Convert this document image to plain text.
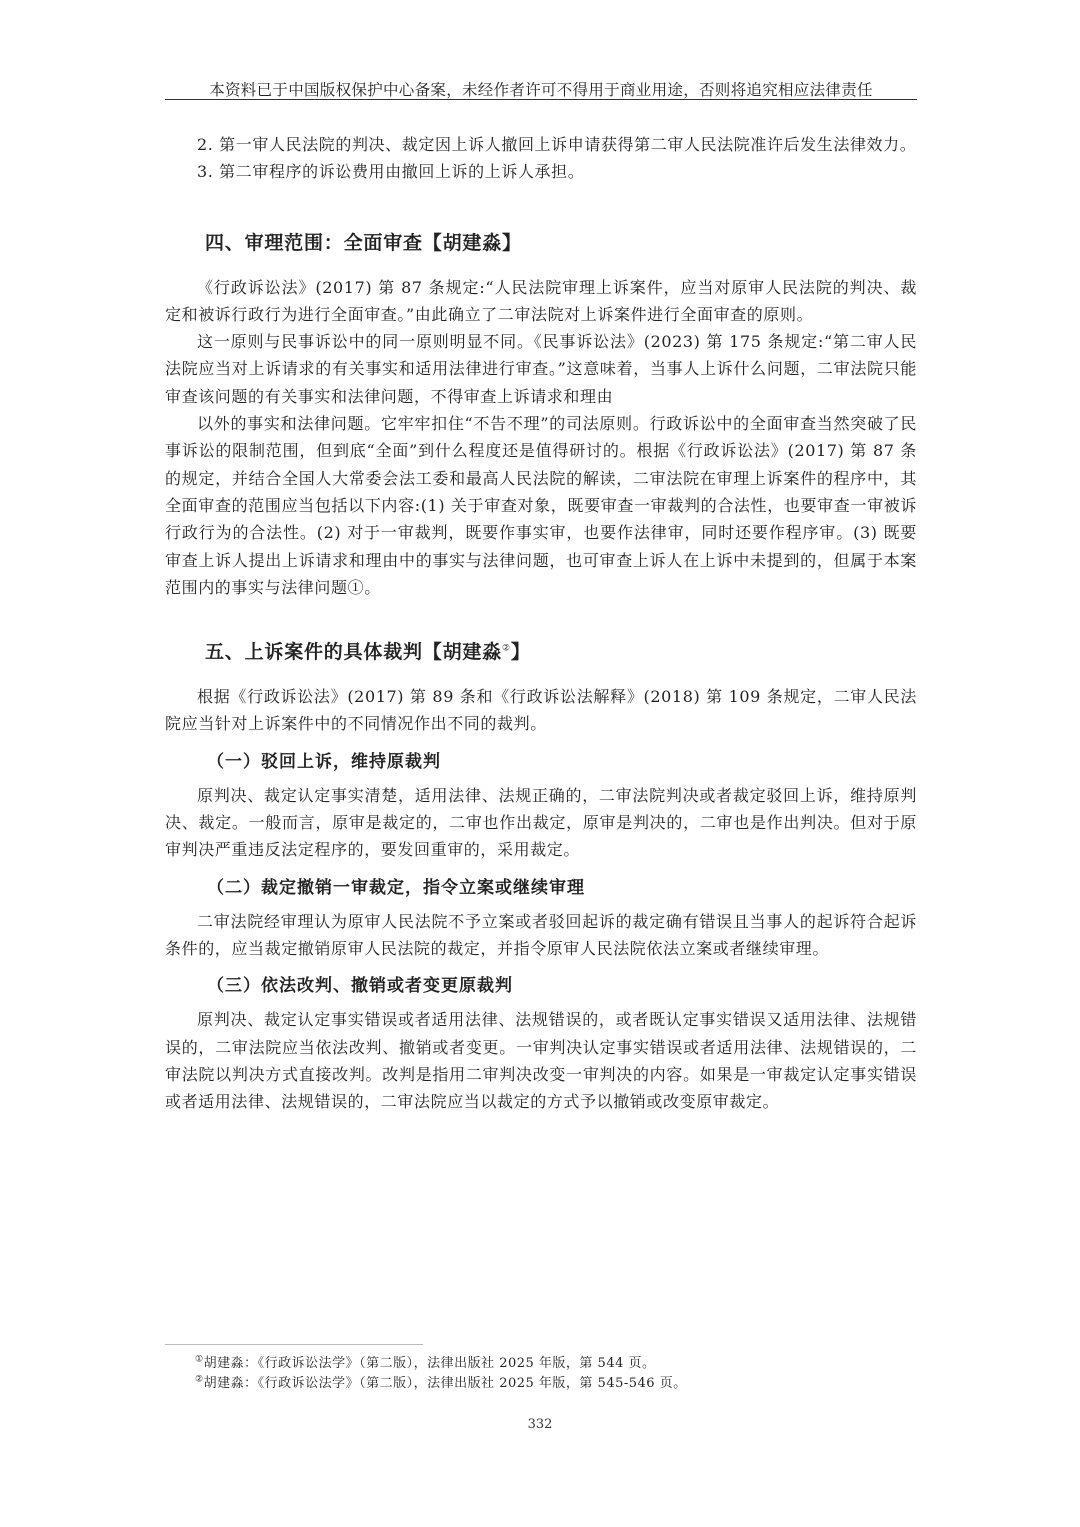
本资料已于中国版权保护中心备案，未经作者许可不得用于商业用途，否则将追究相应法律责任

2. 第一审人民法院的判决、裁定因上诉人撤回上诉申请获得第二审人民法院准许后发生法律效力。

3. 第二审程序的诉讼费用由撤回上诉的上诉人承担。

四、审理范围：全面审查【胡建淼】

《行政诉讼法》(2017) 第 87 条规定:“人民法院审理上诉案件，应当对原审人民法院的判决、裁定和被诉行政行为进行全面审查。”由此确立了二审法院对上诉案件进行全面审查的原则。

这一原则与民事诉讼中的同一原则明显不同。《民事诉讼法》(2023) 第 175 条规定:“第二审人民法院应当对上诉请求的有关事实和适用法律进行审查。”这意味着，当事人上诉什么问题，二审法院只能审查该问题的有关事实和法律问题，不得审查上诉请求和理由

以外的事实和法律问题。它牢牢扣住“不告不理”的司法原则。行政诉讼中的全面审查当然突破了民事诉讼的限制范围，但到底“全面”到什么程度还是值得研讨的。根据《行政诉讼法》(2017) 第 87 条的规定，并结合全国人大常委会法工委和最高人民法院的解读，二审法院在审理上诉案件的程序中，其全面审查的范围应当包括以下内容:(1) 关于审查对象，既要审查一审裁判的合法性，也要审查一审被诉行政行为的合法性。(2) 对于一审裁判，既要作事实审，也要作法律审，同时还要作程序审。(3) 既要审查上诉人提出上诉请求和理由中的事实与法律问题，也可审查上诉人在上诉中未提到的，但属于本案范围内的事实与法律问题①。

五、上诉案件的具体裁判【胡建淼②】

根据《行政诉讼法》(2017) 第 89 条和《行政诉讼法解释》(2018) 第 109 条规定，二审人民法院应当针对上诉案件中的不同情况作出不同的裁判。

（一）驳回上诉，维持原裁判

原判决、裁定认定事实清楚，适用法律、法规正确的，二审法院判决或者裁定驳回上诉，维持原判决、裁定。一般而言，原审是裁定的，二审也作出裁定，原审是判决的，二审也是作出判决。但对于原审判决严重违反法定程序的，要发回重审的，采用裁定。

（二）裁定撤销一审裁定，指令立案或继续审理

二审法院经审理认为原审人民法院不予立案或者驳回起诉的裁定确有错误且当事人的起诉符合起诉条件的，应当裁定撤销原审人民法院的裁定，并指令原审人民法院依法立案或者继续审理。

（三）依法改判、撤销或者变更原裁判

原判决、裁定认定事实错误或者适用法律、法规错误的，或者既认定事实错误又适用法律、法规错误的，二审法院应当依法改判、撤销或者变更。一审判决认定事实错误或者适用法律、法规错误的，二审法院以判决方式直接改判。改判是指用二审判决改变一审判决的内容。如果是一审裁定认定事实错误或者适用法律、法规错误的，二审法院应当以裁定的方式予以撤销或改变原审裁定。

①胡建淼：《行政诉讼法学》（第二版），法律出版社 2025 年版，第 544 页。

②胡建淼：《行政诉讼法学》（第二版），法律出版社 2025 年版，第 545-546 页。

332
